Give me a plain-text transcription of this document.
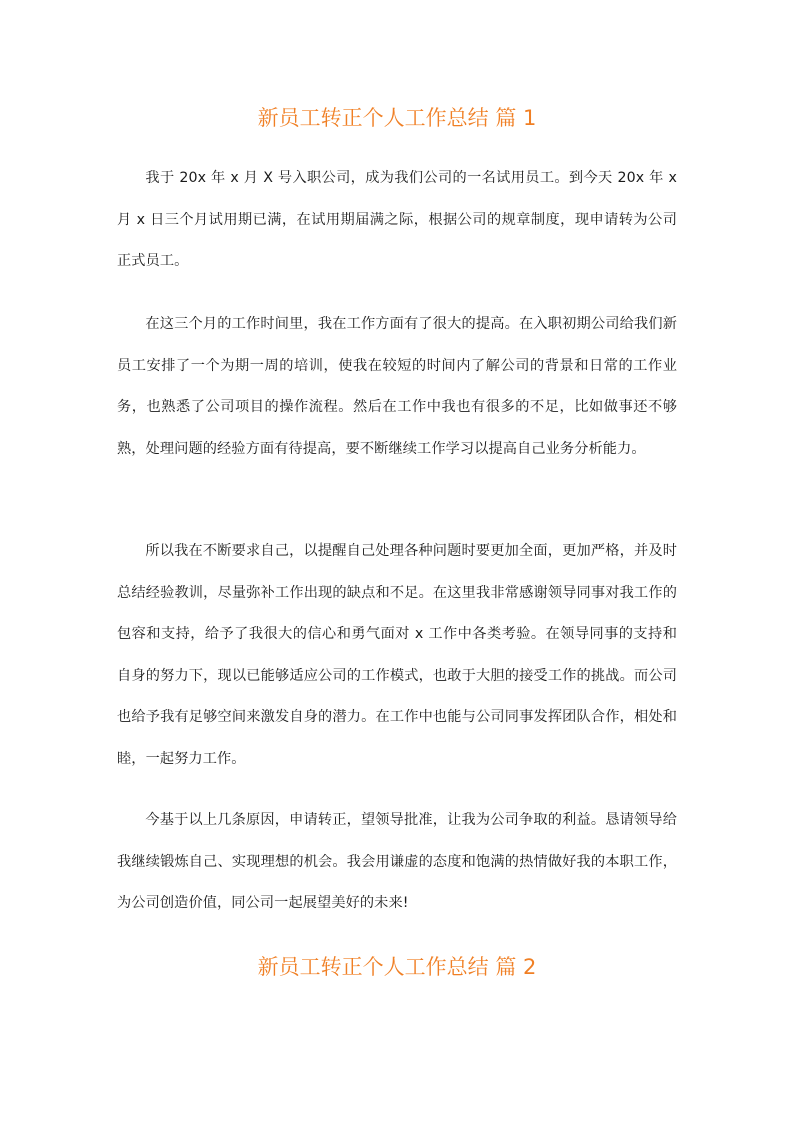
新员工转正个人工作总结 篇 1

我于 20x 年 x 月 X 号入职公司，成为我们公司的一名试用员工。到今天 20x 年 x 月 x 日三个月试用期已满，在试用期届满之际，根据公司的规章制度，现申请转为公司正式员工。

在这三个月的工作时间里，我在工作方面有了很大的提高。在入职初期公司给我们新员工安排了一个为期一周的培训，使我在较短的时间内了解公司的背景和日常的工作业务，也熟悉了公司项目的操作流程。然后在工作中我也有很多的不足，比如做事还不够熟，处理问题的经验方面有待提高，要不断继续工作学习以提高自己业务分析能力。

所以我在不断要求自己，以提醒自己处理各种问题时要更加全面，更加严格，并及时总结经验教训，尽量弥补工作出现的缺点和不足。在这里我非常感谢领导同事对我工作的包容和支持，给予了我很大的信心和勇气面对 x 工作中各类考验。在领导同事的支持和自身的努力下，现以已能够适应公司的工作模式，也敢于大胆的接受工作的挑战。而公司也给予我有足够空间来激发自身的潜力。在工作中也能与公司同事发挥团队合作，相处和睦，一起努力工作。

今基于以上几条原因，申请转正，望领导批准，让我为公司争取的利益。恳请领导给我继续锻炼自己、实现理想的机会。我会用谦虚的态度和饱满的热情做好我的本职工作，为公司创造价值，同公司一起展望美好的未来!

新员工转正个人工作总结 篇 2
